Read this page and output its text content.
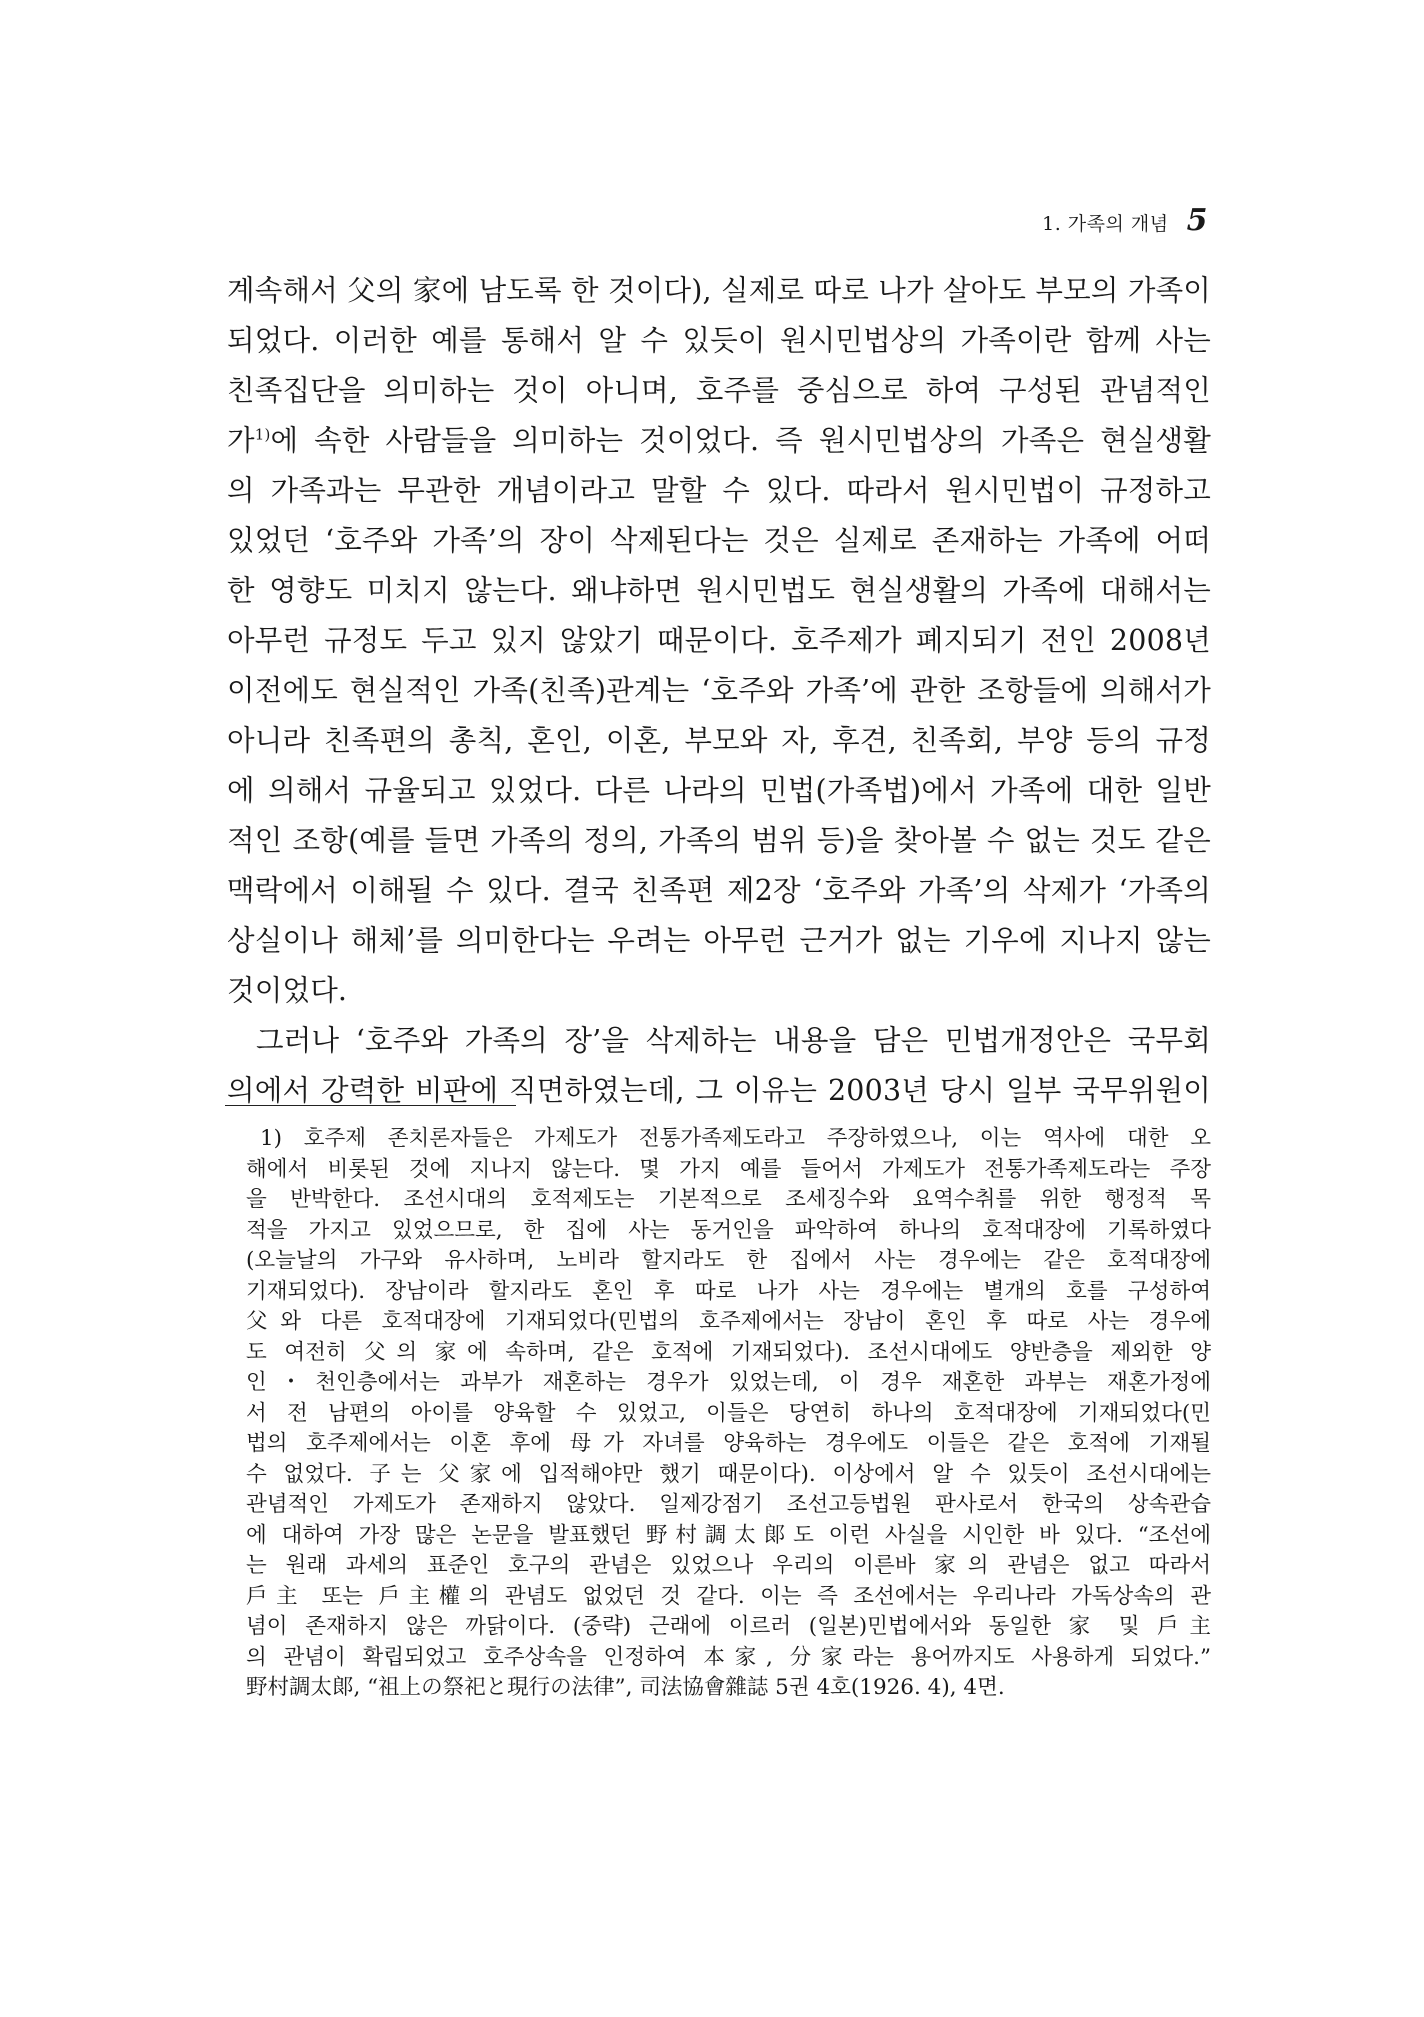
1. 가족의 개념 5
계속해서 父의 家에 남도록 한 것이다), 실제로 따로 나가 살아도 부모의 가족이
되었다. 이러한 예를 통해서 알 수 있듯이 원시민법상의 가족이란 함께 사는
친족집단을 의미하는 것이 아니며, 호주를 중심으로 하여 구성된 관념적인
가$^{1)}$에 속한 사람들을 의미하는 것이었다. 즉 원시민법상의 가족은 현실생활
의 가족과는 무관한 개념이라고 말할 수 있다. 따라서 원시민법이 규정하고
있었던 ‘호주와 가족’의 장이 삭제된다는 것은 실제로 존재하는 가족에 어떠
한 영향도 미치지 않는다. 왜냐하면 원시민법도 현실생활의 가족에 대해서는
아무런 규정도 두고 있지 않았기 때문이다. 호주제가 폐지되기 전인 2008년
이전에도 현실적인 가족(친족)관계는 ‘호주와 가족’에 관한 조항들에 의해서가
아니라 친족편의 총칙, 혼인, 이혼, 부모와 자, 후견, 친족회, 부양 등의 규정
에 의해서 규율되고 있었다. 다른 나라의 민법(가족법)에서 가족에 대한 일반
적인 조항(예를 들면 가족의 정의, 가족의 범위 등)을 찾아볼 수 없는 것도 같은
맥락에서 이해될 수 있다. 결국 친족편 제2장 ‘호주와 가족’의 삭제가 ‘가족의
상실이나 해체’를 의미한다는 우려는 아무런 근거가 없는 기우에 지나지 않는
것이었다.
그러나 ‘호주와 가족의 장’을 삭제하는 내용을 담은 민법개정안은 국무회
의에서 강력한 비판에 직면하였는데, 그 이유는 2003년 당시 일부 국무위원이
1) 호주제 존치론자들은 가제도가 전통가족제도라고 주장하였으나, 이는 역사에 대한 오
해에서 비롯된 것에 지나지 않는다. 몇 가지 예를 들어서 가제도가 전통가족제도라는 주장
을 반박한다. 조선시대의 호적제도는 기본적으로 조세징수와 요역수취를 위한 행정적 목
적을 가지고 있었으므로, 한 집에 사는 동거인을 파악하여 하나의 호적대장에 기록하였다
(오늘날의 가구와 유사하며, 노비라 할지라도 한 집에서 사는 경우에는 같은 호적대장에
기재되었다). 장남이라 할지라도 혼인 후 따로 나가 사는 경우에는 별개의 호를 구성하여
父와 다른 호적대장에 기재되었다(민법의 호주제에서는 장남이 혼인 후 따로 사는 경우에
도 여전히 父의 家에 속하며, 같은 호적에 기재되었다). 조선시대에도 양반층을 제외한 양
인・천인층에서는 과부가 재혼하는 경우가 있었는데, 이 경우 재혼한 과부는 재혼가정에
서 전 남편의 아이를 양육할 수 있었고, 이들은 당연히 하나의 호적대장에 기재되었다(민
법의 호주제에서는 이혼 후에 母가 자녀를 양육하는 경우에도 이들은 같은 호적에 기재될
수 없었다. 子는 父家에 입적해야만 했기 때문이다). 이상에서 알 수 있듯이 조선시대에는
관념적인 가제도가 존재하지 않았다. 일제강점기 조선고등법원 판사로서 한국의 상속관습
에 대하여 가장 많은 논문을 발표했던 野村調太郞도 이런 사실을 시인한 바 있다. “조선에
는 원래 과세의 표준인 호구의 관념은 있었으나 우리의 이른바 家의 관념은 없고 따라서
戶主 또는 戶主權의 관념도 없었던 것 같다. 이는 즉 조선에서는 우리나라 가독상속의 관
념이 존재하지 않은 까닭이다. (중략) 근래에 이르러 (일본)민법에서와 동일한 家 및 戶主
의 관념이 확립되었고 호주상속을 인정하여 本家, 分家라는 용어까지도 사용하게 되었다.”
野村調太郞, “祖上の祭祀と現行の法律”, 司法協會雜誌 5권 4호(1926. 4), 4면.
